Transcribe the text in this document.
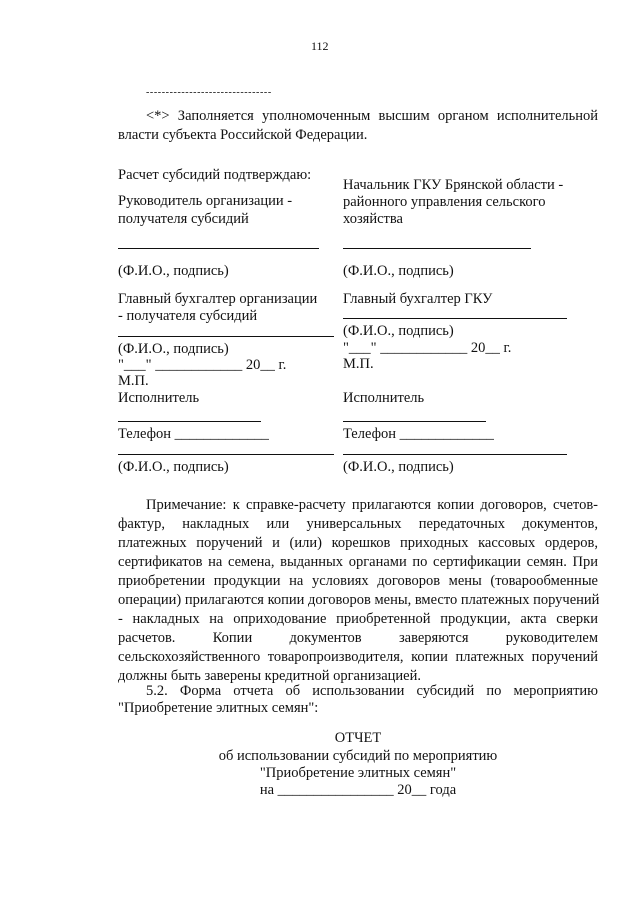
112
--------------------------------
<*> Заполняется уполномоченным высшим органом исполнительной
власти субъекта Российской Федерации.
Расчет субсидий подтверждаю:
Руководитель организации -
получателя субсидий
(Ф.И.О., подпись)
Главный бухгалтер организации
- получателя субсидий
(Ф.И.О., подпись)
"___" ____________ 20__ г.
М.П.
Исполнитель
Телефон _____________
(Ф.И.О., подпись)
Начальник ГКУ Брянской области -
районного управления сельского
хозяйства
(Ф.И.О., подпись)
Главный бухгалтер ГКУ
(Ф.И.О., подпись)
"___" ____________ 20__ г.
М.П.
Исполнитель
Телефон _____________
(Ф.И.О., подпись)
Примечание: к справке-расчету прилагаются копии договоров, счетов-
фактур, накладных или универсальных передаточных документов,
платежных поручений и (или) корешков приходных кассовых ордеров,
сертификатов на семена, выданных органами по сертификации семян. При
приобретении продукции на условиях договоров мены (товарообменные
операции) прилагаются копии договоров мены, вместо платежных поручений
- накладных на оприходование приобретенной продукции, акта сверки
расчетов. Копии документов заверяются руководителем
сельскохозяйственного товаропроизводителя, копии платежных поручений
должны быть заверены кредитной организацией.
5.2. Форма отчета об использовании субсидий по мероприятию
"Приобретение элитных семян":
ОТЧЕТ
об использовании субсидий по мероприятию
"Приобретение элитных семян"
на ________________ 20__ года
